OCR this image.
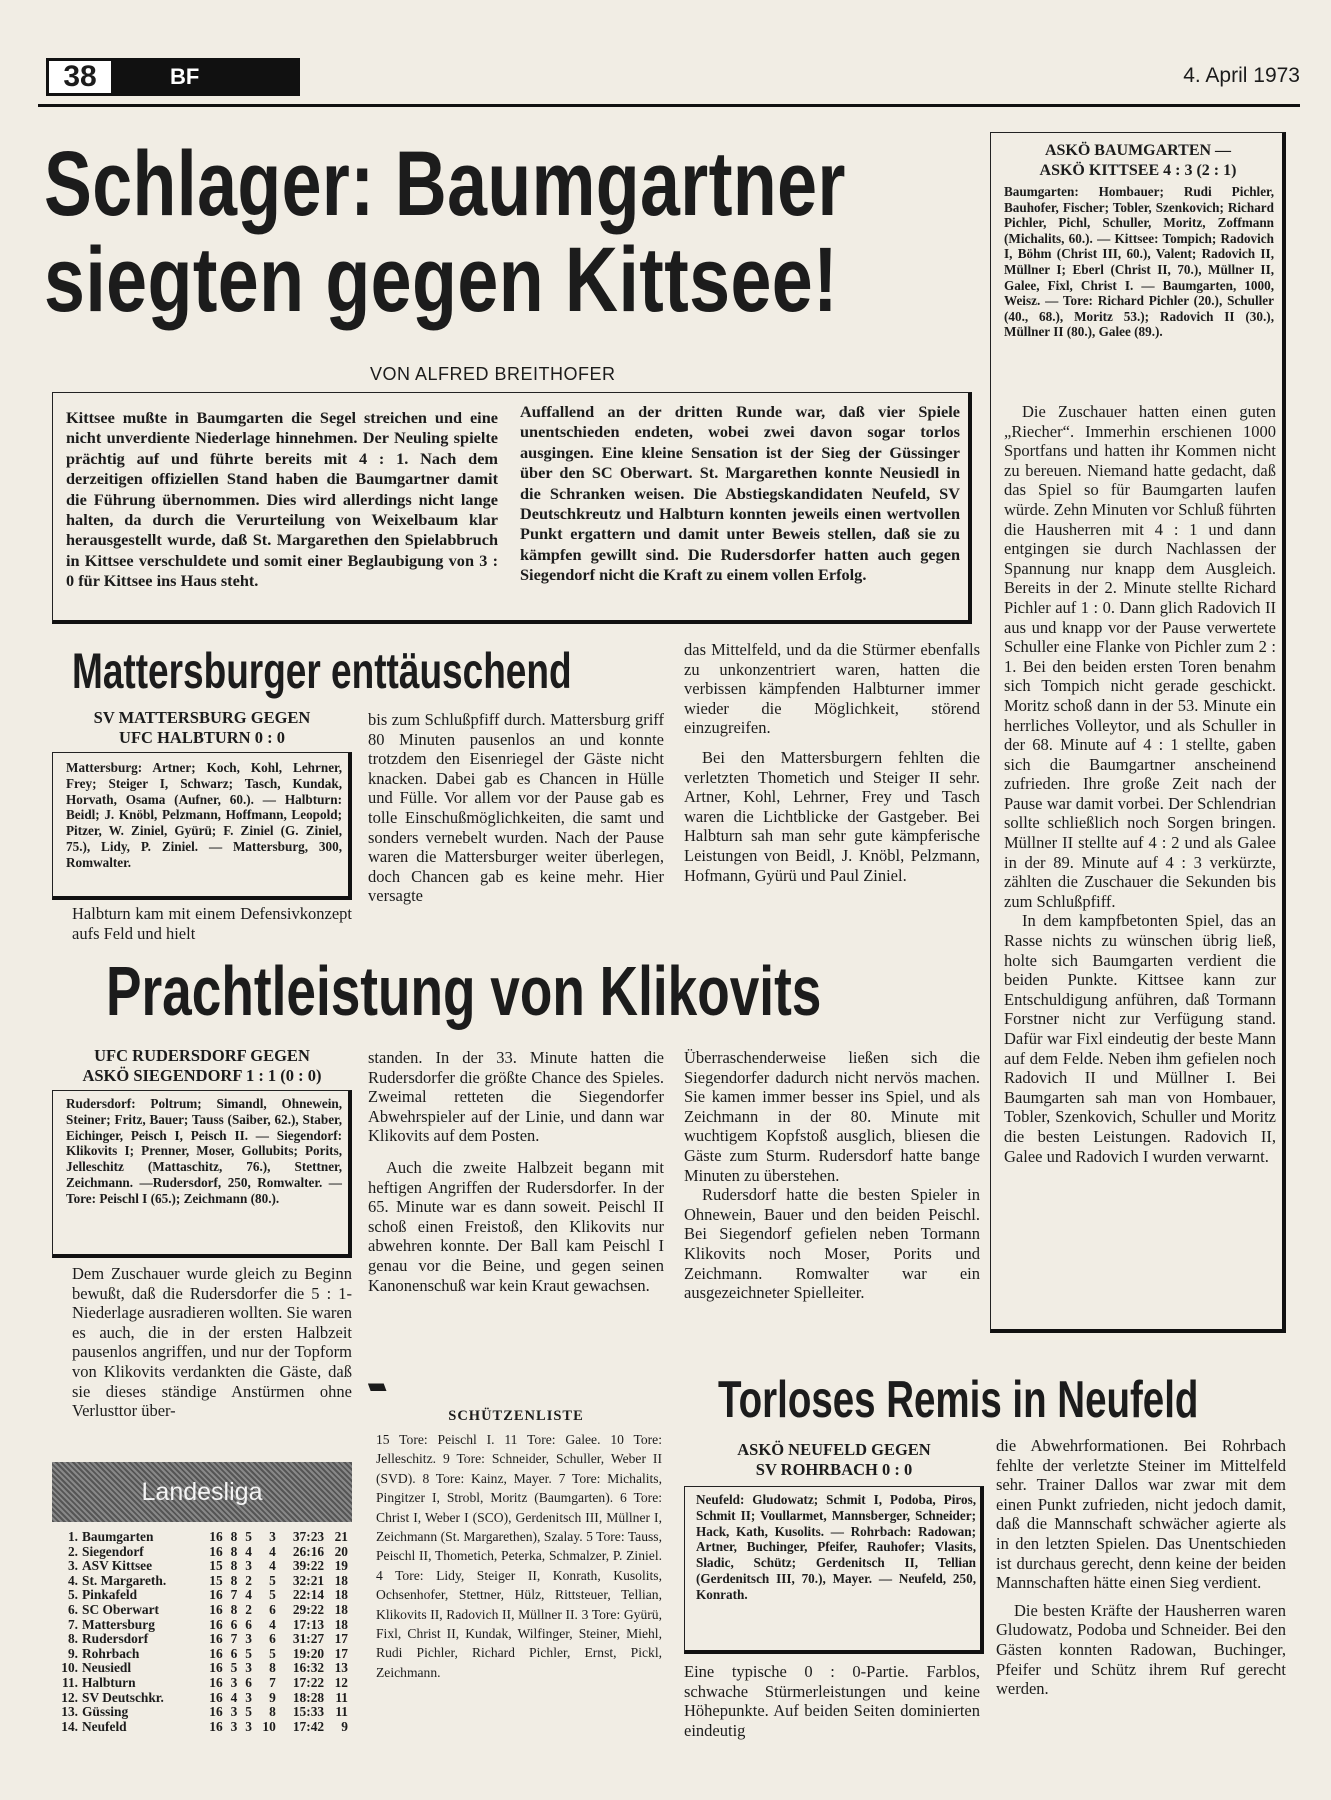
38	BF	4. April 1973
Schlager: Baumgartner
siegten gegen Kittsee!
VON ALFRED BREITHOFER

Kittsee mußte in Baumgarten die Segel streichen und eine nicht unverdiente Niederlage hinnehmen. Der Neuling spielte prächtig auf und führte bereits mit 4 : 1. Nach dem derzeitigen offiziellen Stand haben die Baumgartner damit die Führung übernommen. Dies wird allerdings nicht lange halten, da durch die Verurteilung von Weixelbaum klar herausgestellt wurde, daß St. Margarethen den Spielabbruch in Kittsee verschuldete und somit einer Beglaubigung von 3 : 0 für Kittsee ins Haus steht.

Auffallend an der dritten Runde war, daß vier Spiele unentschieden endeten, wobei zwei davon sogar torlos ausgingen. Eine kleine Sensation ist der Sieg der Güssinger über den SC Oberwart. St. Margarethen konnte Neusiedl in die Schranken weisen. Die Abstiegskandidaten Neufeld, SV Deutschkreutz und Halbturn konnten jeweils einen wertvollen Punkt ergattern und damit unter Beweis stellen, daß sie zu kämpfen gewillt sind. Die Rudersdorfer hatten auch gegen Siegendorf nicht die Kraft zu einem vollen Erfolg.

ASKÖ BAUMGARTEN —
ASKÖ KITTSEE 4 : 3 (2 : 1)

Baumgarten: Hombauer; Rudi Pichler, Bauhofer, Fischer; Tobler, Szenkovich; Richard Pichler, Pichl, Schuller, Moritz, Zoffmann (Michalits, 60.). — Kittsee: Tompich; Radovich I, Böhm (Christ III, 60.), Valent; Radovich II, Müllner I; Eberl (Christ II, 70.), Müllner II, Galee, Fixl, Christ I. — Baumgarten, 1000, Weisz. — Tore: Richard Pichler (20.), Schuller (40., 68.), Moritz 53.); Radovich II (30.), Müllner II (80.), Galee (89.).

Die Zuschauer hatten einen guten „Riecher“. Immerhin erschienen 1000 Sportfans und hatten ihr Kommen nicht zu bereuen. Niemand hatte gedacht, daß das Spiel so für Baumgarten laufen würde. Zehn Minuten vor Schluß führten die Hausherren mit 4 : 1 und dann entgingen sie durch Nachlassen der Spannung nur knapp dem Ausgleich. Bereits in der 2. Minute stellte Richard Pichler auf 1 : 0. Dann glich Radovich II aus und knapp vor der Pause verwertete Schuller eine Flanke von Pichler zum 2 : 1. Bei den beiden ersten Toren benahm sich Tompich nicht gerade geschickt. Moritz schoß dann in der 53. Minute ein herrliches Volleytor, und als Schuller in der 68. Minute auf 4 : 1 stellte, gaben sich die Baumgartner anscheinend zufrieden. Ihre große Zeit nach der Pause war damit vorbei. Der Schlendrian sollte schließlich noch Sorgen bringen. Müllner II stellte auf 4 : 2 und als Galee in der 89. Minute auf 4 : 3 verkürzte, zählten die Zuschauer die Sekunden bis zum Schlußpfiff.

In dem kampfbetonten Spiel, das an Rasse nichts zu wünschen übrig ließ, holte sich Baumgarten verdient die beiden Punkte. Kittsee kann zur Entschuldigung anführen, daß Tormann Forstner nicht zur Verfügung stand. Dafür war Fixl eindeutig der beste Mann auf dem Felde. Neben ihm gefielen noch Radovich II und Müllner I. Bei Baumgarten sah man von Hombauer, Tobler, Szenkovich, Schuller und Moritz die besten Leistungen. Radovich II, Galee und Radovich I wurden verwarnt.

Mattersburger enttäuschend
SV MATTERSBURG GEGEN
UFC HALBTURN 0 : 0

Mattersburg: Artner; Koch, Kohl, Lehrner, Frey; Steiger I, Schwarz; Tasch, Kundak, Horvath, Osama (Aufner, 60.). — Halbturn: Beidl; J. Knöbl, Pelzmann, Hoffmann, Leopold; Pitzer, W. Ziniel, Gyürü; F. Ziniel (G. Ziniel, 75.), Lidy, P. Ziniel. — Mattersburg, 300, Romwalter.

Halbturn kam mit einem Defensivkonzept aufs Feld und hielt

bis zum Schlußpfiff durch. Mattersburg griff 80 Minuten pausenlos an und konnte trotzdem den Eisenriegel der Gäste nicht knacken. Dabei gab es Chancen in Hülle und Fülle. Vor allem vor der Pause gab es tolle Einschußmöglichkeiten, die samt und sonders vernebelt wurden. Nach der Pause waren die Mattersburger weiter überlegen, doch Chancen gab es keine mehr. Hier versagte

das Mittelfeld, und da die Stürmer ebenfalls zu unkonzentriert waren, hatten die verbissen kämpfenden Halbturner immer wieder die Möglichkeit, störend einzugreifen.

Bei den Mattersburgern fehlten die verletzten Thometich und Steiger II sehr. Artner, Kohl, Lehrner, Frey und Tasch waren die Lichtblicke der Gastgeber. Bei Halbturn sah man sehr gute kämpferische Leistungen von Beidl, J. Knöbl, Pelzmann, Hofmann, Gyürü und Paul Ziniel.

Prachtleistung von Klikovits
UFC RUDERSDORF GEGEN
ASKÖ SIEGENDORF 1 : 1 (0 : 0)

Rudersdorf: Poltrum; Simandl, Ohnewein, Steiner; Fritz, Bauer; Tauss (Saiber, 62.), Staber, Eichinger, Peisch I, Peisch II. — Siegendorf: Klikovits I; Prenner, Moser, Gollubits; Porits, Jelleschitz (Mattaschitz, 76.), Stettner, Zeichmann. —Rudersdorf, 250, Romwalter. — Tore: Peischl I (65.); Zeichmann (80.).

Dem Zuschauer wurde gleich zu Beginn bewußt, daß die Rudersdorfer die 5 : 1-Niederlage ausradieren wollten. Sie waren es auch, die in der ersten Halbzeit pausenlos angriffen, und nur der Topform von Klikovits verdankten die Gäste, daß sie dieses ständige Anstürmen ohne Verlusttor über-

standen. In der 33. Minute hatten die Rudersdorfer die größte Chance des Spieles. Zweimal retteten die Siegendorfer Abwehrspieler auf der Linie, und dann war Klikovits auf dem Posten.

Auch die zweite Halbzeit begann mit heftigen Angriffen der Rudersdorfer. In der 65. Minute war es dann soweit. Peischl II schoß einen Freistoß, den Klikovits nur abwehren konnte. Der Ball kam Peischl I genau vor die Beine, und gegen seinen Kanonenschuß war kein Kraut gewachsen.

Überraschenderweise ließen sich die Siegendorfer dadurch nicht nervös machen. Sie kamen immer besser ins Spiel, und als Zeichmann in der 80. Minute mit wuchtigem Kopfstoß ausglich, bliesen die Gäste zum Sturm. Rudersdorf hatte bange Minuten zu überstehen.

Rudersdorf hatte die besten Spieler in Ohnewein, Bauer und den beiden Peischl. Bei Siegendorf gefielen neben Tormann Klikovits noch Moser, Porits und Zeichmann. Romwalter war ein ausgezeichneter Spielleiter.

Landesliga
1.	Baumgarten	16	8	5	3	37:23	21
2.	Siegendorf	16	8	4	4	26:16	20
3.	ASV Kittsee	15	8	3	4	39:22	19
4.	St. Margareth.	15	8	2	5	32:21	18
5.	Pinkafeld	16	7	4	5	22:14	18
6.	SC Oberwart	16	8	2	6	29:22	18
7.	Mattersburg	16	6	6	4	17:13	18
8.	Rudersdorf	16	7	3	6	31:27	17
9.	Rohrbach	16	6	5	5	19:20	17
10.	Neusiedl	16	5	3	8	16:32	13
11.	Halbturn	16	3	6	7	17:22	12
12.	SV Deutschkr.	16	4	3	9	18:28	11
13.	Güssing	16	3	5	8	15:33	11
14.	Neufeld	16	3	3	10	17:42	9
\\\\\\\\\\\\\\\\\\\\\\\\\\\\\\\\\\\\\\\\\\\\\\
SCHÜTZENLISTE

15 Tore: Peischl I. 11 Tore: Galee. 10 Tore: Jelleschitz. 9 Tore: Schneider, Schuller, Weber II (SVD). 8 Tore: Kainz, Mayer. 7 Tore: Michalits, Pingitzer I, Strobl, Moritz (Baumgarten). 6 Tore: Christ I, Weber I (SCO), Gerdenitsch III, Müllner I, Zeichmann (St. Margarethen), Szalay. 5 Tore: Tauss, Peischl II, Thometich, Peterka, Schmalzer, P. Ziniel. 4 Tore: Lidy, Steiger II, Konrath, Kusolits, Ochsenhofer, Stettner, Hülz, Rittsteuer, Tellian, Klikovits II, Radovich II, Müllner II. 3 Tore: Gyürü, Fixl, Christ II, Kundak, Wilfinger, Steiner, Miehl, Rudi Pichler, Richard Pichler, Ernst, Pickl, Zeichmann.

Torloses Remis in Neufeld
ASKÖ NEUFELD GEGEN
SV ROHRBACH 0 : 0

Neufeld: Gludowatz; Schmit I, Podoba, Piros, Schmit II; Voullarmet, Mannsberger, Schneider; Hack, Kath, Kusolits. — Rohrbach: Radowan; Artner, Buchinger, Pfeifer, Rauhofer; Vlasits, Sladic, Schütz; Gerdenitsch II, Tellian (Gerdenitsch III, 70.), Mayer. — Neufeld, 250, Konrath.

Eine typische 0 : 0-Partie. Farblos, schwache Stürmerleistungen und keine Höhepunkte. Auf beiden Seiten dominierten eindeutig

die Abwehrformationen. Bei Rohrbach fehlte der verletzte Steiner im Mittelfeld sehr. Trainer Dallos war zwar mit dem einen Punkt zufrieden, nicht jedoch damit, daß die Mannschaft schwächer agierte als in den letzten Spielen. Das Unentschieden ist durchaus gerecht, denn keine der beiden Mannschaften hätte einen Sieg verdient.

Die besten Kräfte der Hausherren waren Gludowatz, Podoba und Schneider. Bei den Gästen konnten Radowan, Buchinger, Pfeifer und Schütz ihrem Ruf gerecht werden.
